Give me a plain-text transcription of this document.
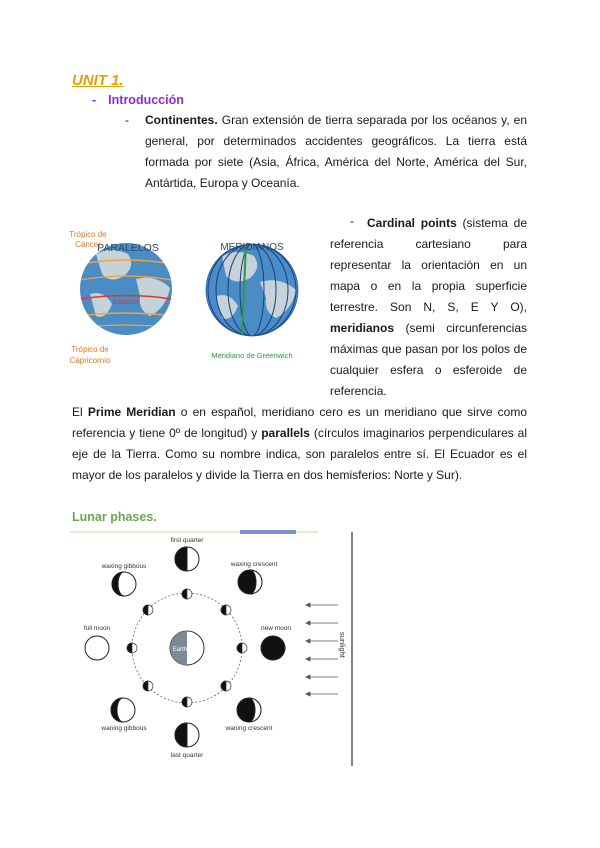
UNIT 1.
- Introducción
- Continentes. Gran extensión de tierra separada por los océanos y, en general, por determinados accidentes geográficos. La tierra está formada por siete (Asia, África, América del Norte, América del Sur, Antártida, Europa y Oceanía.
PARALELOS
Trópico de
Cáncer
Ecuador
Trópico de
Capricornio
MERIDIANOS
Meridiano de Greenwich
-	Cardinal points (sistema de referencia cartesiano para representar la orientación en un mapa o en la propia superficie terrestre. Son N, S, E Y O), meridianos (semi circunferencias máximas que pasan por los polos de cualquier esfera o esferoide de referencia.
El Prime Meridian o en español, meridiano cero es un meridiano que sirve como referencia y tiene 0º de longitud) y parallels (círculos imaginarios perpendiculares al eje de la Tierra. Como su nombre indica, son paralelos entre sí. El Ecuador es el mayor de los paralelos y divide la Tierra en dos hemisferios: Norte y Sur).
Lunar phases.
sunlight
Earth
first quarter
waxing crescent
waxing gibbous
full moon	new moon
waning gibbous	waning crescent
last quarter
